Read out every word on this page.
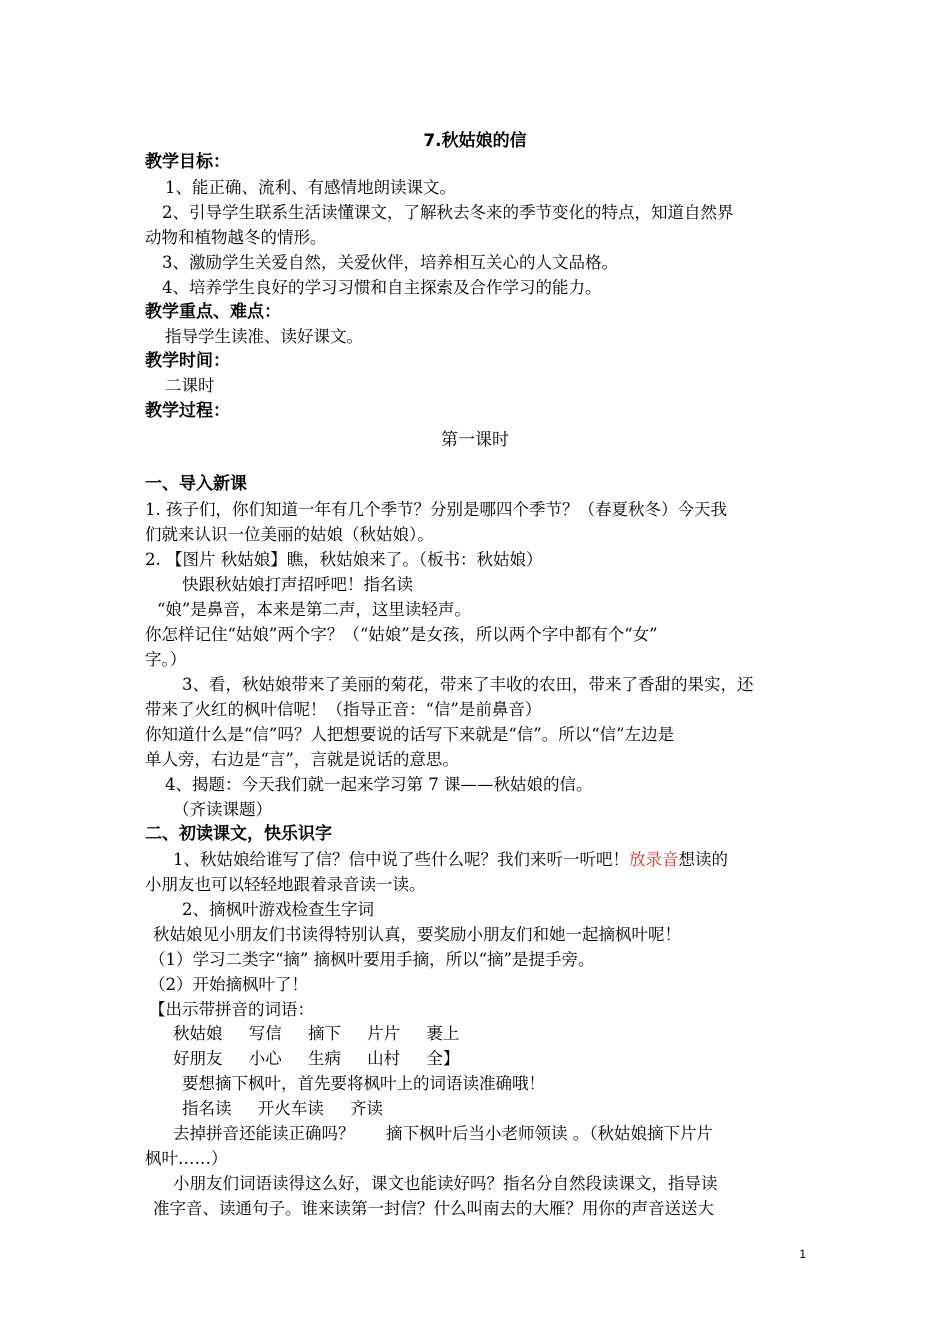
7.秋姑娘的信
教学目标：
1、能正确、流利、有感情地朗读课文。
2、引导学生联系生活读懂课文，了解秋去冬来的季节变化的特点，知道自然界
动物和植物越冬的情形。
3、激励学生关爱自然，关爱伙伴，培养相互关心的人文品格。
4、培养学生良好的学习习惯和自主探索及合作学习的能力。
教学重点、难点：
指导学生读准、读好课文。
教学时间：
二课时
教学过程：
第一课时
一、导入新课
1. 孩子们，你们知道一年有几个季节？分别是哪四个季节？（春夏秋冬）今天我
们就来认识一位美丽的姑娘（秋姑娘）。
2. 【图片 秋姑娘】瞧，秋姑娘来了。（板书：秋姑娘）
快跟秋姑娘打声招呼吧！指名读
“娘”是鼻音，本来是第二声，这里读轻声。
你怎样记住“姑娘”两个字？（“姑娘”是女孩，所以两个字中都有个“女”
字。）
3、看，秋姑娘带来了美丽的菊花，带来了丰收的农田，带来了香甜的果实，还
带来了火红的枫叶信呢！（指导正音：“信”是前鼻音）
你知道什么是“信”吗？人把想要说的话写下来就是“信”。所以“信”左边是
单人旁，右边是“言”，言就是说话的意思。
4、揭题：今天我们就一起来学习第 7 课——秋姑娘的信。
（齐读课题）
二、初读课文，快乐识字
1、秋姑娘给谁写了信？信中说了些什么呢？我们来听一听吧！放录音想读的
小朋友也可以轻轻地跟着录音读一读。
2、摘枫叶游戏检查生字词
秋姑娘见小朋友们书读得特别认真，要奖励小朋友们和她一起摘枫叶呢！
（1）学习二类字“摘” 摘枫叶要用手摘，所以“摘”是提手旁。
（2）开始摘枫叶了！
【出示带拼音的词语：
秋姑娘     写信     摘下     片片     裹上
好朋友     小心     生病     山村     全】
要想摘下枫叶，首先要将枫叶上的词语读准确哦！
指名读     开火车读     齐读
去掉拼音还能读正确吗？      摘下枫叶后当小老师领读 。（秋姑娘摘下片片
枫叶……）
小朋友们词语读得这么好，课文也能读好吗？指名分自然段读课文，指导读
准字音、读通句子。谁来读第一封信？什么叫南去的大雁？用你的声音送送大
1
